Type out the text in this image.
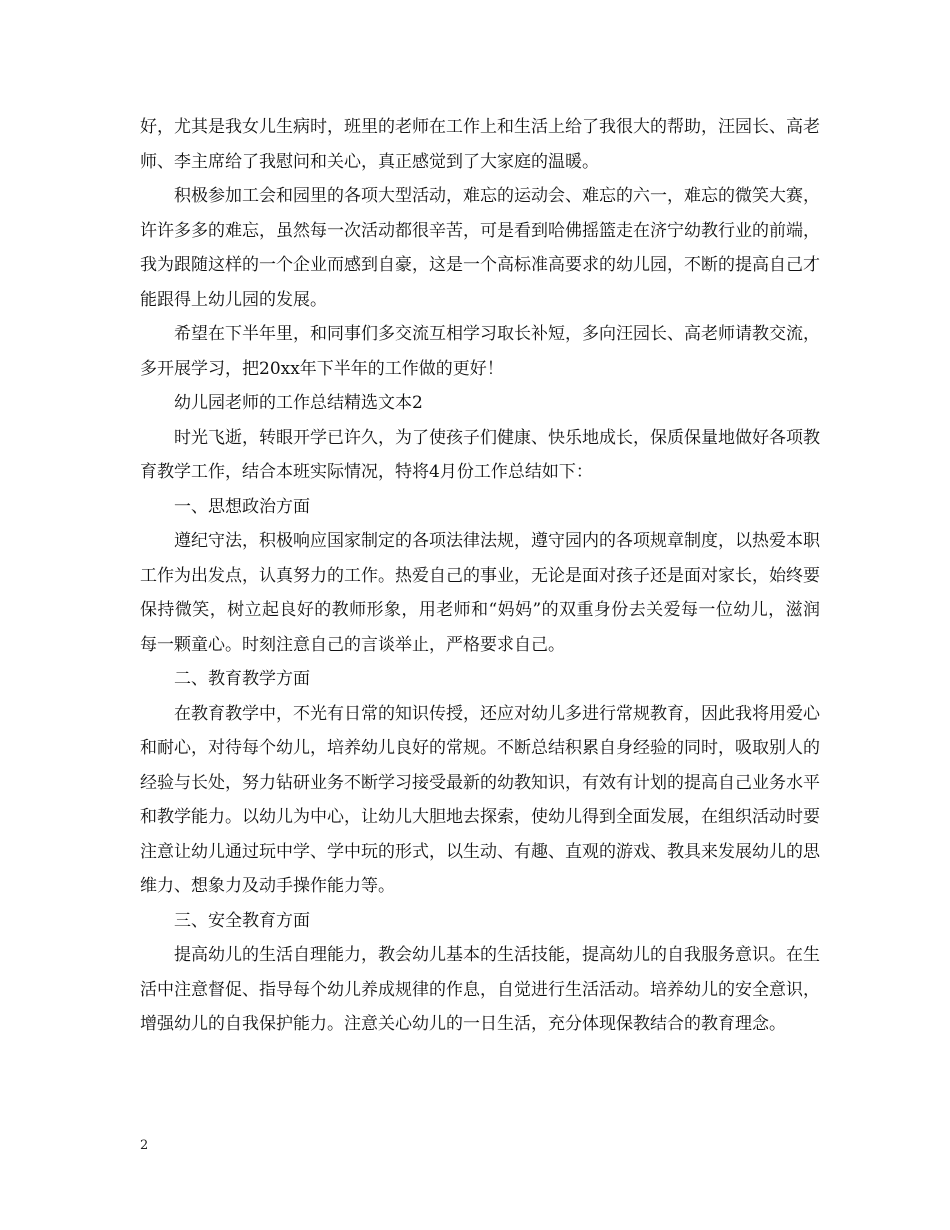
好，尤其是我女儿生病时，班里的老师在工作上和生活上给了我很大的帮助，汪园长、高老师、李主席给了我慰问和关心，真正感觉到了大家庭的温暖。

积极参加工会和园里的各项大型活动，难忘的运动会、难忘的六一，难忘的微笑大赛，许许多多的难忘，虽然每一次活动都很辛苦，可是看到哈佛摇篮走在济宁幼教行业的前端，我为跟随这样的一个企业而感到自豪，这是一个高标准高要求的幼儿园，不断的提高自己才能跟得上幼儿园的发展。

希望在下半年里，和同事们多交流互相学习取长补短，多向汪园长、高老师请教交流，多开展学习，把20xx年下半年的工作做的更好！

幼儿园老师的工作总结精选文本2

时光飞逝，转眼开学已许久，为了使孩子们健康、快乐地成长，保质保量地做好各项教育教学工作，结合本班实际情况，特将4月份工作总结如下：

一、思想政治方面

遵纪守法，积极响应国家制定的各项法律法规，遵守园内的各项规章制度，以热爱本职工作为出发点，认真努力的工作。热爱自己的事业，无论是面对孩子还是面对家长，始终要保持微笑，树立起良好的教师形象，用老师和“妈妈”的双重身份去关爱每一位幼儿，滋润每一颗童心。时刻注意自己的言谈举止，严格要求自己。

二、教育教学方面

在教育教学中，不光有日常的知识传授，还应对幼儿多进行常规教育，因此我将用爱心和耐心，对待每个幼儿，培养幼儿良好的常规。不断总结积累自身经验的同时，吸取别人的经验与长处，努力钻研业务不断学习接受最新的幼教知识，有效有计划的提高自己业务水平和教学能力。以幼儿为中心，让幼儿大胆地去探索，使幼儿得到全面发展，在组织活动时要注意让幼儿通过玩中学、学中玩的形式，以生动、有趣、直观的游戏、教具来发展幼儿的思维力、想象力及动手操作能力等。

三、安全教育方面

提高幼儿的生活自理能力，教会幼儿基本的生活技能，提高幼儿的自我服务意识。在生活中注意督促、指导每个幼儿养成规律的作息，自觉进行生活活动。培养幼儿的安全意识，增强幼儿的自我保护能力。注意关心幼儿的一日生活，充分体现保教结合的教育理念。

2
